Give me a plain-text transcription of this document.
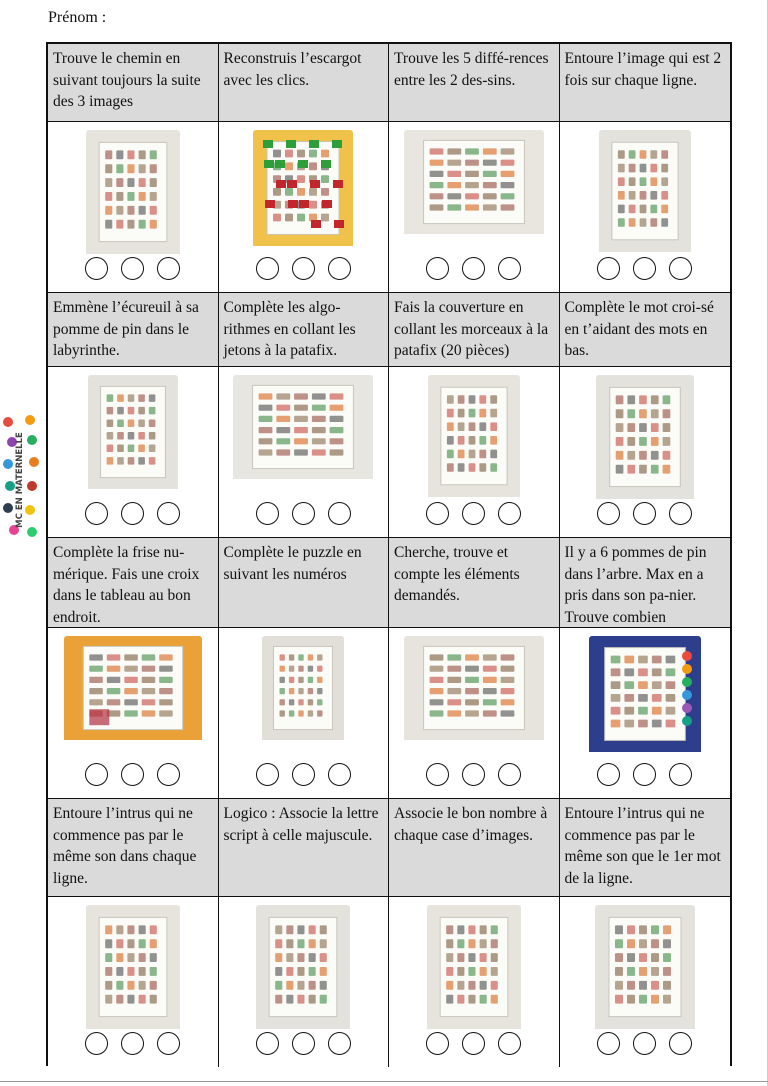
Prénom :
MC EN MATERNELLE
Trouve le chemin en suivant toujours la suite des 3 images
Reconstruis l’escargot avec les clics.
Trouve les 5 diffé-rences entre les 2 des-sins.
Entoure l’image qui est 2 fois sur chaque ligne.
Emmène l’écureuil à sa pomme de pin dans le labyrinthe.
Complète les algo-rithmes en collant les jetons à la patafix.
Fais la couverture en collant les morceaux à la patafix (20 pièces)
Complète le mot croi-sé en t’aidant des mots en bas.
Complète la frise nu-mérique. Fais une croix dans le tableau au bon endroit.
Complète le puzzle en suivant les numéros
Cherche, trouve et compte les éléments demandés.
Il y a 6 pommes de pin dans l’arbre. Max en a pris dans son pa-nier. Trouve combien
Entoure l’intrus qui ne commence pas par le même son dans chaque ligne.
Logico : Associe la lettre script à celle majuscule.
Associe le bon nombre à chaque case d’images.
Entoure l’intrus qui ne commence pas par le même son que le 1er mot de la ligne.
